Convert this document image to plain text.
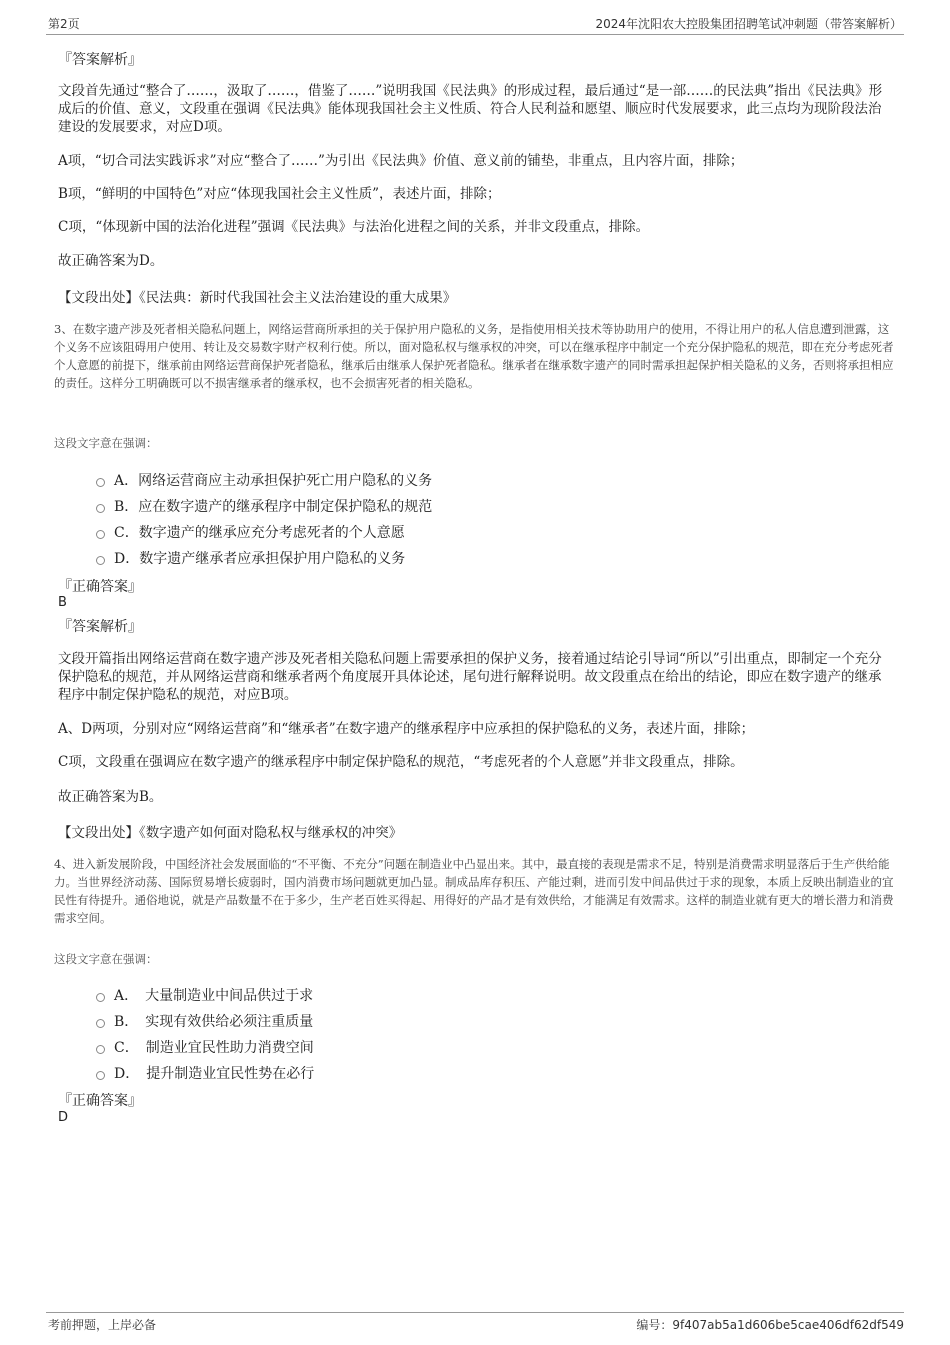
第2页	2024年沈阳农大控股集团招聘笔试冲刺题（带答案解析）
『答案解析』
文段首先通过“整合了……，汲取了……，借鉴了……”说明我国《民法典》的形成过程，最后通过“是一部……的民法典”指出《民法典》形成后的价值、意义，文段重在强调《民法典》能体现我国社会主义性质、符合人民利益和愿望、顺应时代发展要求，此三点均为现阶段法治建设的发展要求，对应D项。
A项，“切合司法实践诉求”对应“整合了……”为引出《民法典》价值、意义前的铺垫，非重点，且内容片面，排除；
B项，“鲜明的中国特色”对应“体现我国社会主义性质”，表述片面，排除；
C项，“体现新中国的法治化进程”强调《民法典》与法治化进程之间的关系，并非文段重点，排除。
故正确答案为D。
【文段出处】《民法典：新时代我国社会主义法治建设的重大成果》
3、在数字遗产涉及死者相关隐私问题上，网络运营商所承担的关于保护用户隐私的义务，是指使用相关技术等协助用户的使用，不得让用户的私人信息遭到泄露，这个义务不应该阻碍用户使用、转让及交易数字财产权利行使。所以，面对隐私权与继承权的冲突，可以在继承程序中制定一个充分保护隐私的规范，即在充分考虑死者个人意愿的前提下，继承前由网络运营商保护死者隐私，继承后由继承人保护死者隐私。继承者在继承数字遗产的同时需承担起保护相关隐私的义务，否则将承担相应的责任。这样分工明确既可以不损害继承者的继承权，也不会损害死者的相关隐私。
这段文字意在强调：
A．网络运营商应主动承担保护死亡用户隐私的义务
B．应在数字遗产的继承程序中制定保护隐私的规范
C．数字遗产的继承应充分考虑死者的个人意愿
D．数字遗产继承者应承担保护用户隐私的义务
『正确答案』
B
『答案解析』
文段开篇指出网络运营商在数字遗产涉及死者相关隐私问题上需要承担的保护义务，接着通过结论引导词“所以”引出重点，即制定一个充分保护隐私的规范，并从网络运营商和继承者两个角度展开具体论述，尾句进行解释说明。故文段重点在给出的结论，即应在数字遗产的继承程序中制定保护隐私的规范，对应B项。
A、D两项，分别对应“网络运营商”和“继承者”在数字遗产的继承程序中应承担的保护隐私的义务，表述片面，排除；
C项，文段重在强调应在数字遗产的继承程序中制定保护隐私的规范，“考虑死者的个人意愿”并非文段重点，排除。
故正确答案为B。
【文段出处】《数字遗产如何面对隐私权与继承权的冲突》
4、进入新发展阶段，中国经济社会发展面临的“不平衡、不充分”问题在制造业中凸显出来。其中，最直接的表现是需求不足，特别是消费需求明显落后于生产供给能力。当世界经济动荡、国际贸易增长疲弱时，国内消费市场问题就更加凸显。制成品库存积压、产能过剩，进而引发中间品供过于求的现象，本质上反映出制造业的宜民性有待提升。通俗地说，就是产品数量不在于多少，生产老百姓买得起、用得好的产品才是有效供给，才能满足有效需求。这样的制造业就有更大的增长潜力和消费需求空间。
这段文字意在强调：
A．　大量制造业中间品供过于求
B．　实现有效供给必须注重质量
C．　制造业宜民性助力消费空间
D．　提升制造业宜民性势在必行
『正确答案』
D
考前押题，上岸必备	编号：9f407ab5a1d606be5cae406df62df549
